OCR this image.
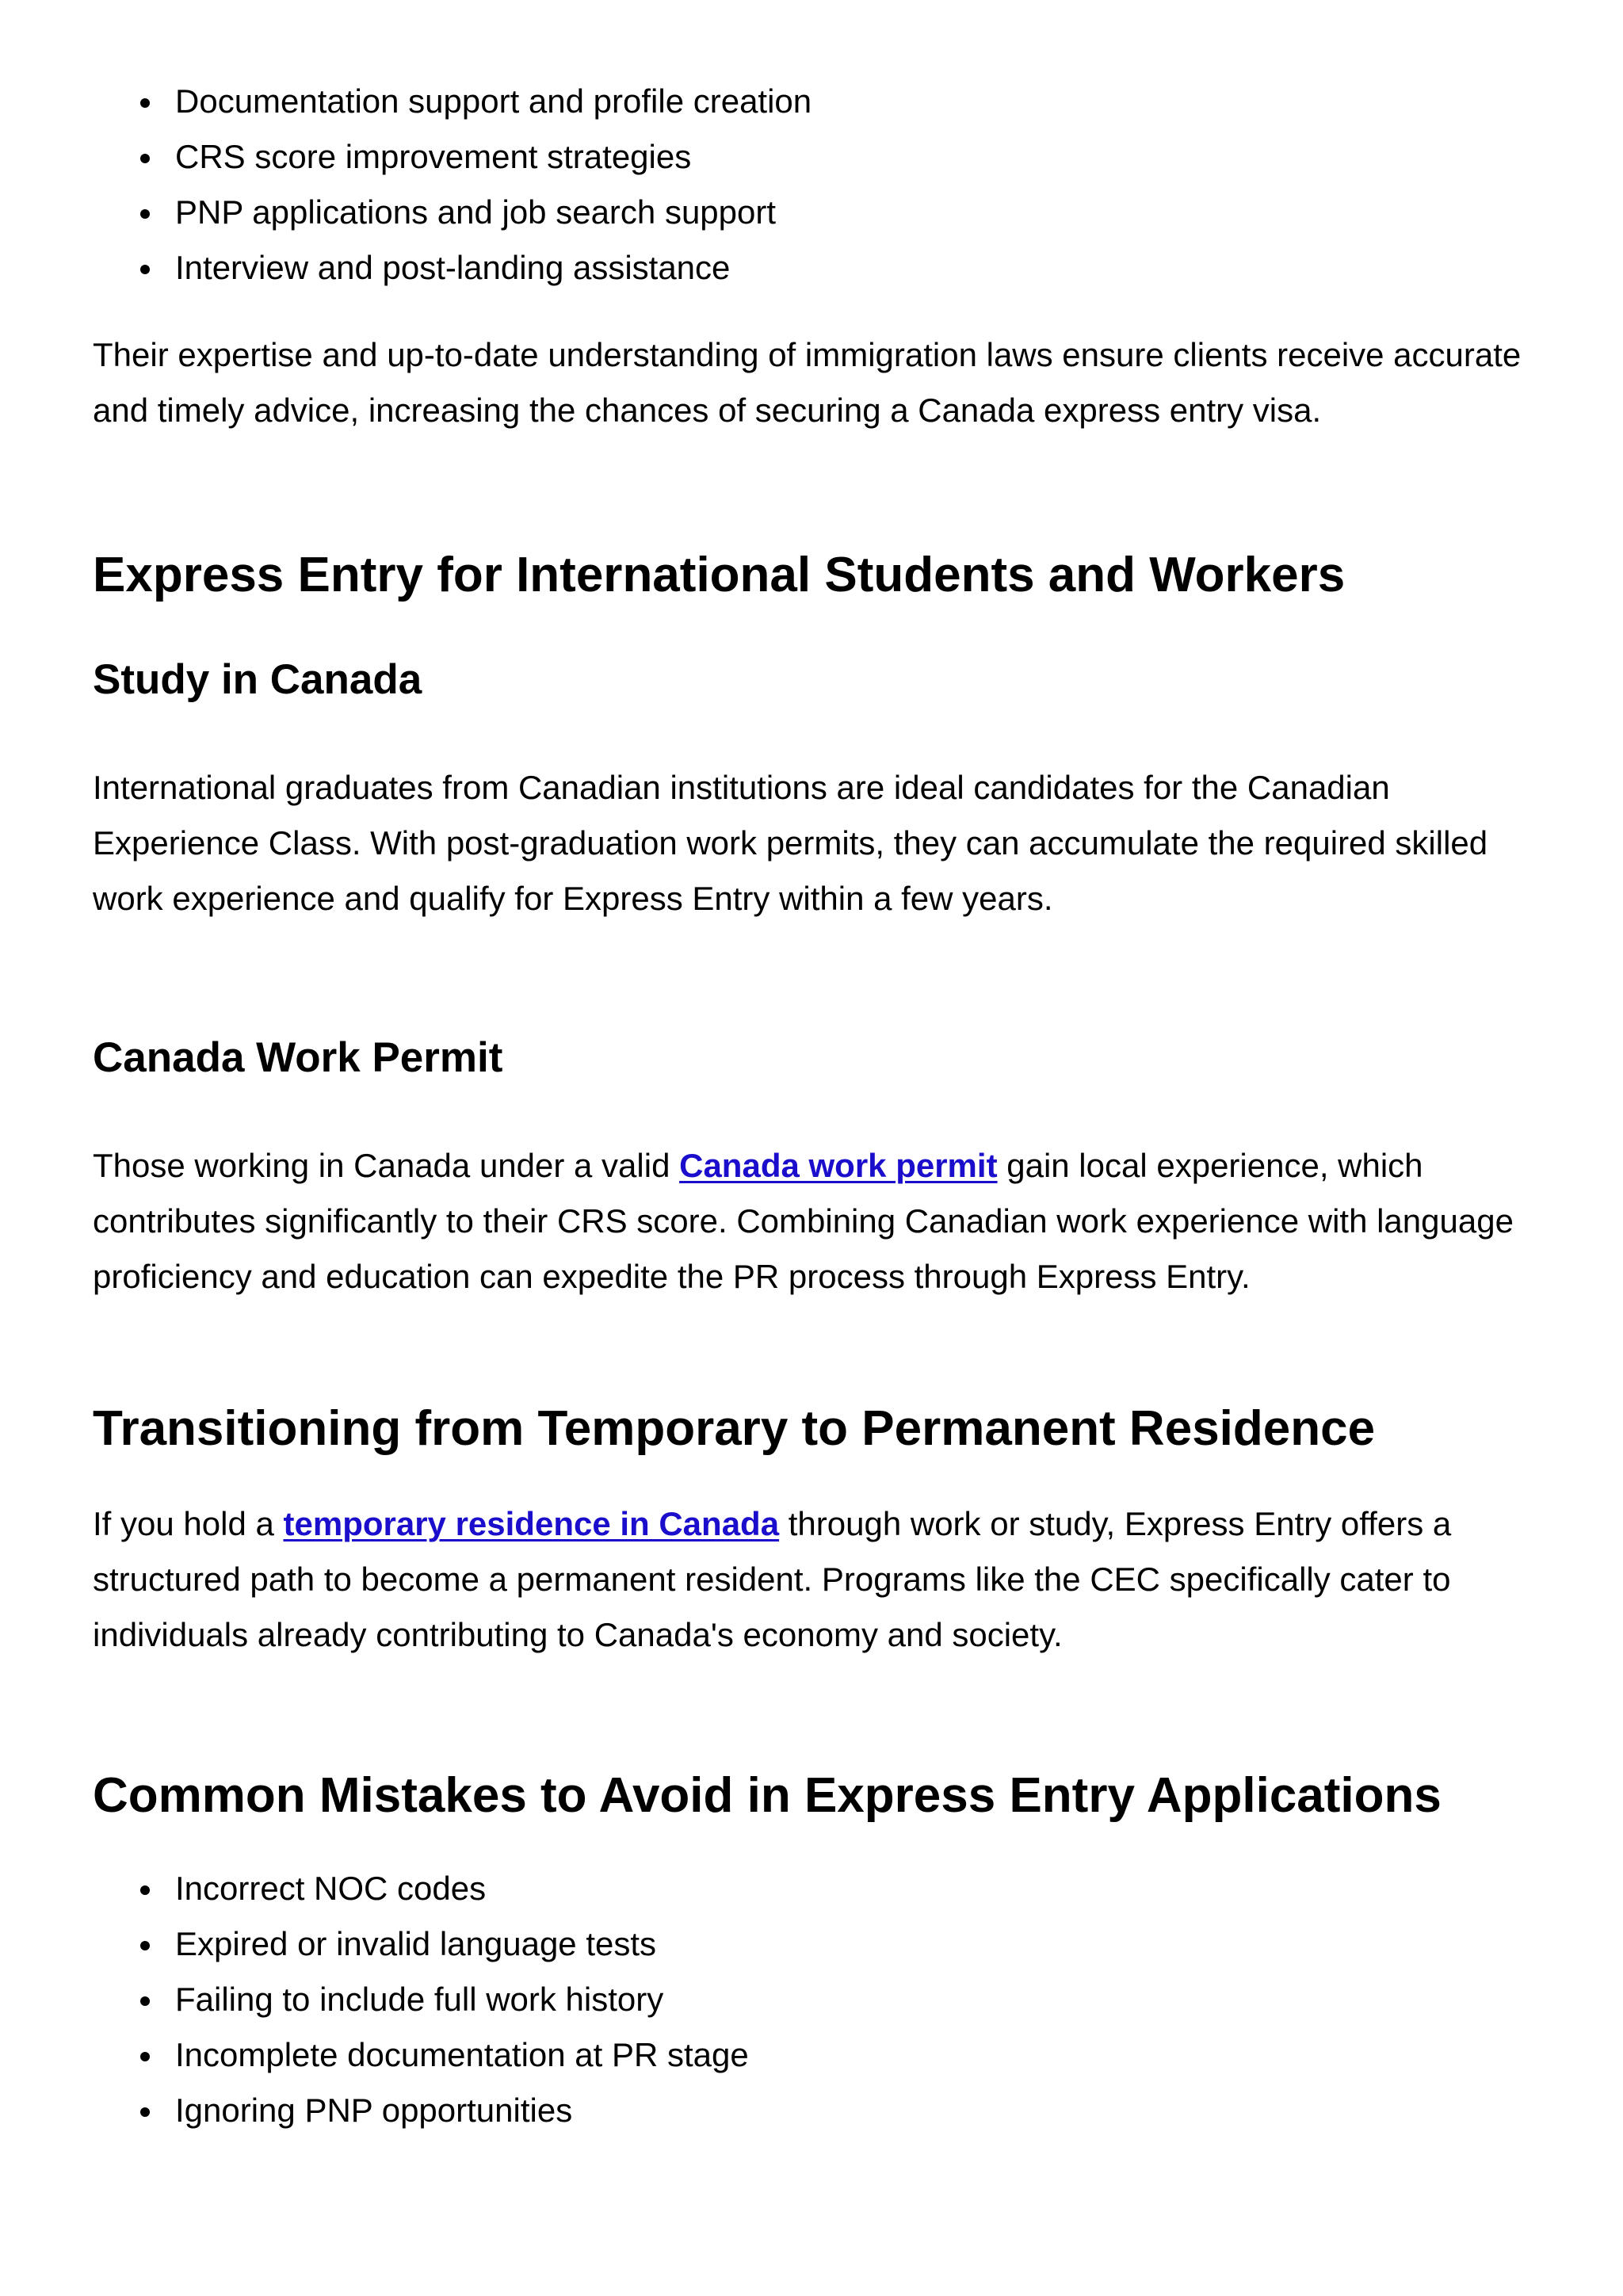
Documentation support and profile creation
CRS score improvement strategies
PNP applications and job search support
Interview and post-landing assistance

Their expertise and up-to-date understanding of immigration laws ensure clients receive accurate and timely advice, increasing the chances of securing a Canada express entry visa.

Express Entry for International Students and Workers
Study in Canada

International graduates from Canadian institutions are ideal candidates for the Canadian Experience Class. With post-graduation work permits, they can accumulate the required skilled work experience and qualify for Express Entry within a few years.

Canada Work Permit

Those working in Canada under a valid Canada work permit gain local experience, which contributes significantly to their CRS score. Combining Canadian work experience with language proficiency and education can expedite the PR process through Express Entry.

Transitioning from Temporary to Permanent Residence

If you hold a temporary residence in Canada through work or study, Express Entry offers a structured path to become a permanent resident. Programs like the CEC specifically cater to individuals already contributing to Canada's economy and society.

Common Mistakes to Avoid in Express Entry Applications
Incorrect NOC codes
Expired or invalid language tests
Failing to include full work history
Incomplete documentation at PR stage
Ignoring PNP opportunities
